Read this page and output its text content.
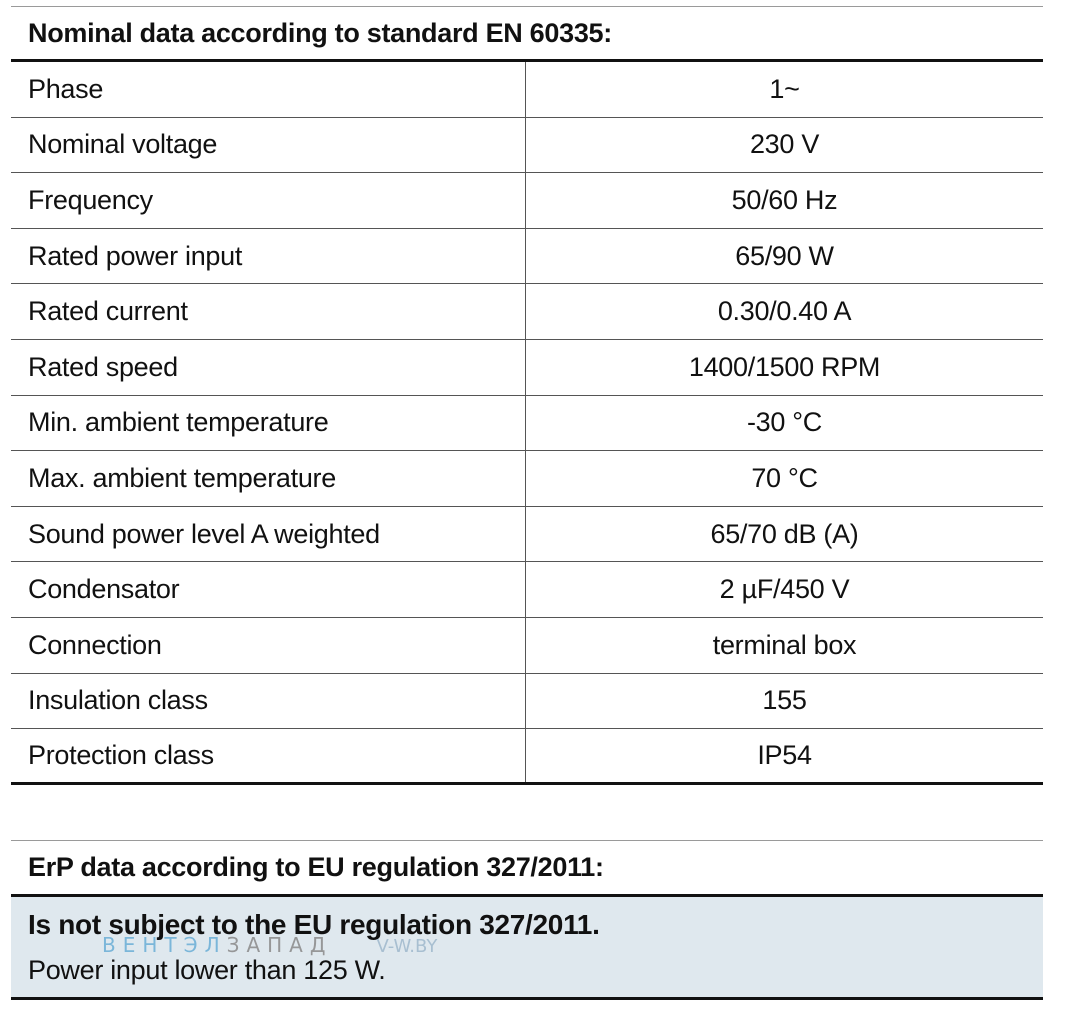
Nominal data according to standard EN 60335:
Phase	1~
Nominal voltage	230 V
Frequency	50/60 Hz
Rated power input	65/90 W
Rated current	0.30/0.40 A
Rated speed	1400/1500 RPM
Min. ambient temperature	-30 °C
Max. ambient temperature	70 °C
Sound power level A weighted	65/70 dB (A)
Condensator	2 µF/450 V
Connection	terminal box
Insulation class	155
Protection class	IP54
ErP data according to EU regulation 327/2011:
Is not subject to the EU regulation 327/2011.
Power input lower than 125 W.
ВЕНТЭЛ ЗАПАД V-W.BY
